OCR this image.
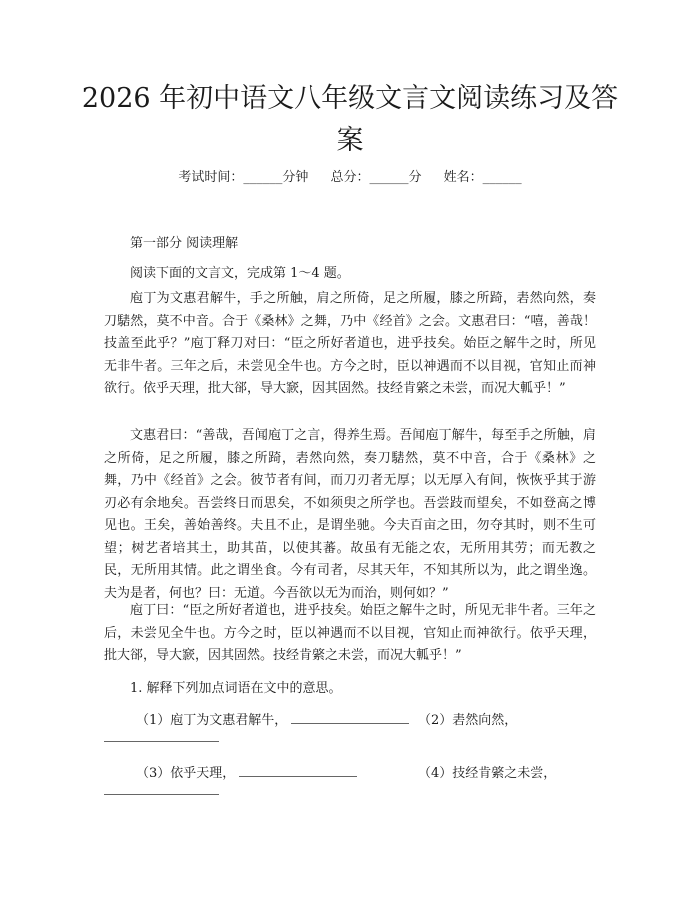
2026 年初中语文八年级文言文阅读练习及答案
考试时间：______分钟 总分：______分 姓名：______

第一部分 阅读理解

阅读下面的文言文，完成第 1～4 题。

庖丁为文惠君解牛，手之所触，肩之所倚，足之所履，膝之所踦，砉然向然，奏刀騞然，莫不中音。合于《桑林》之舞，乃中《经首》之会。文惠君曰：“嘻，善哉！技盖至此乎？”庖丁释刀对曰：“臣之所好者道也，进乎技矣。始臣之解牛之时，所见无非牛者。三年之后，未尝见全牛也。方今之时，臣以神遇而不以目视，官知止而神欲行。依乎天理，批大郤，导大窾，因其固然。技经肯綮之未尝，而况大軱乎！”

文惠君曰：“善哉，吾闻庖丁之言，得养生焉。吾闻庖丁解牛，每至手之所触，肩之所倚，足之所履，膝之所踦，砉然向然，奏刀騞然，莫不中音，合于《桑林》之舞，乃中《经首》之会。彼节者有间，而刀刃者无厚；以无厚入有间，恢恢乎其于游刃必有余地矣。吾尝终日而思矣，不如须臾之所学也。吾尝跂而望矣，不如登高之博见也。王矣，善始善终。夫且不止，是谓坐驰。今夫百亩之田，勿夺其时，则不生可望；树艺者培其土，助其苗，以使其蕃。故虽有无能之农，无所用其劳；而无教之民，无所用其情。此之谓坐食。今有司者，尽其天年，不知其所以为，此之谓坐逸。夫为是者，何也？曰：无道。今吾欲以无为而治，则何如？”

庖丁曰：“臣之所好者道也，进乎技矣。始臣之解牛之时，所见无非牛者。三年之后，未尝见全牛也。方今之时，臣以神遇而不以目视，官知止而神欲行。依乎天理，批大郤，导大窾，因其固然。技经肯綮之未尝，而况大軱乎！”

1. 解释下列加点词语在文中的意思。

（1）庖丁为文惠君解牛，	（2）砉然向然，

（3）依乎天理，	（4）技经肯綮之未尝，
